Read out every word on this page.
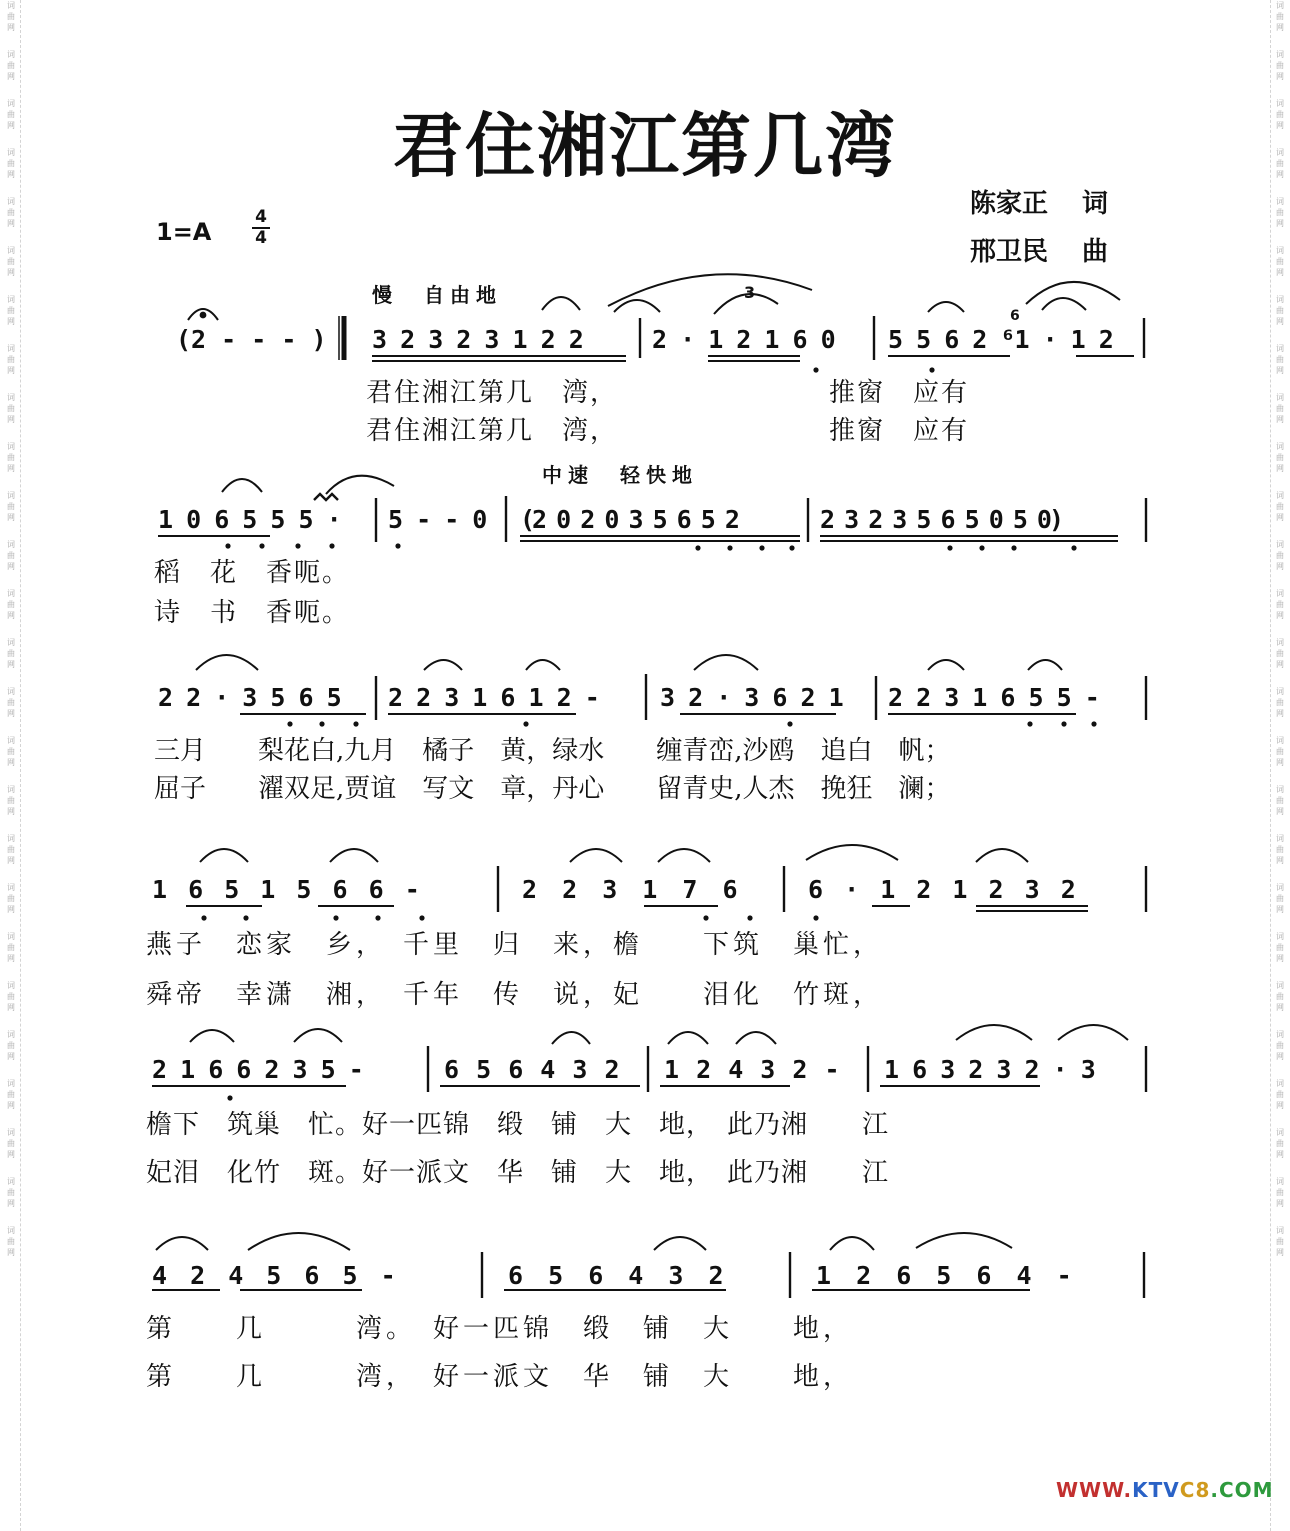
词
曲
网
词
曲
网
词
曲
网
词
曲
网
词
曲
网
词
曲
网
词
曲
网
词
曲
网
词
曲
网
词
曲
网
词
曲
网
词
曲
网
词
曲
网
词
曲
网
词
曲
网
词
曲
网
词
曲
网
词
曲
网
词
曲
网
词
曲
网
词
曲
网
词
曲
网
词
曲
网
词
曲
网
词
曲
网
词
曲
网
词
曲
网
词
曲
网
词
曲
网
词
曲
网
词
曲
网
词
曲
网
词
曲
网
词
曲
网
词
曲
网
词
曲
网
词
曲
网
词
曲
网
词
曲
网
词
曲
网
词
曲
网
词
曲
网
词
曲
网
词
曲
网
词
曲
网
词
曲
网
词
曲
网
词
曲
网
词
曲
网
词
曲
网
词
曲
网
词
曲
网
君住湘江第几湾
陈家正 词
邢卫民 曲
1=A
4
4
慢　自由地
中速　轻快地
(2 - - - ) 3 2 3 2 3 1 2 2	2 · 1 2 1 6 0 5 5 6 2 ⁶1 · 1 2
君住湘江第几　湾，　　　　　　　　推窗　应有
君住湘江第几　湾，　　　　　　　　推窗　应有
1 0 6 5 5 5 · 5 - - 0 (2 0 2 0 3 5 6 5 2	2 3 2 3 5 6 5 0 5 0)
稻　花　香呃。
诗　书　香呃。
2 2 · 3 5 6 5 2 2 3 1 6 1 2 - 3 2 · 3 6 2 1 2 2 3 1 6 5 5 -
三月　　梨花白,九月　橘子　黄，绿水　　缠青峦,沙鸥　追白　帆；
屈子　　濯双足,贾谊　写文　章，丹心　　留青史,人杰　挽狂　澜；
1 6 5 1 5 6 6 -	2 2 3 1 7 6	6 · 1 2 1 2 3 2
燕子　恋家　乡，　千里　归　来，檐　　下筑　巢忙，
舜帝　幸潇　湘，　千年　传　说，妃　　泪化　竹斑，
2 1 6 6 2 3 5 -	6 5 6 4 3 2 1 2 4 3 2 - 1 6 3 2 3 2 · 3
檐下　筑巢　忙。好一匹锦　缎　铺　大　地，　此乃湘　　江
妃泪　化竹　斑。好一派文　华　铺　大　地，　此乃湘　　江
4 2 4 5 6 5 -	6 5 6 4 3 2	1 2 6 5 6 4 -
第　　几　　　湾。　好一匹锦　缎　铺　大　　地，
第　　几　　　湾，　好一派文　华　铺　大　　地，
3
6
WWW.KTVC8.COM
